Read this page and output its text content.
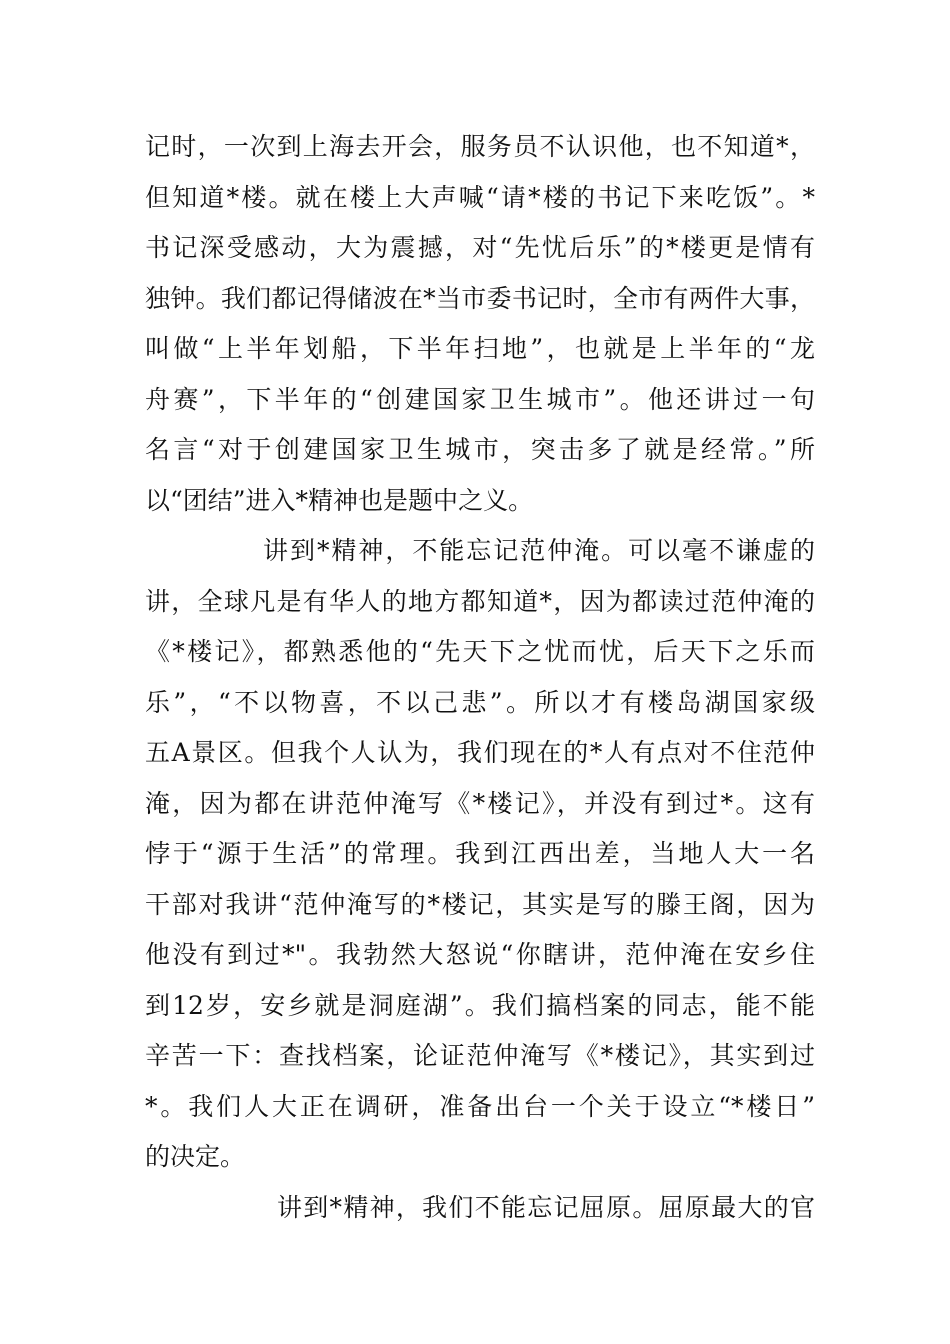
记时，一次到上海去开会，服务员不认识他，也不知道*，
但知道*楼。就在楼上大声喊“请*楼的书记下来吃饭”。*
书记深受感动，大为震撼，对“先忧后乐”的*楼更是情有
独钟。我们都记得储波在*当市委书记时，全市有两件大事，
叫做“上半年划船，下半年扫地”，也就是上半年的“龙
舟赛”，下半年的“创建国家卫生城市”。他还讲过一句
名言“对于创建国家卫生城市，突击多了就是经常。”所
以“团结”进入*精神也是题中之义。
讲到*精神，不能忘记范仲淹。可以毫不谦虚的
讲，全球凡是有华人的地方都知道*，因为都读过范仲淹的
《*楼记》，都熟悉他的“先天下之忧而忧，后天下之乐而
乐”，“不以物喜，不以己悲”。所以才有楼岛湖国家级
五A景区。但我个人认为，我们现在的*人有点对不住范仲
淹，因为都在讲范仲淹写《*楼记》，并没有到过*。这有
悖于“源于生活”的常理。我到江西出差，当地人大一名
干部对我讲“范仲淹写的*楼记，其实是写的滕王阁，因为
他没有到过*"。我勃然大怒说“你瞎讲，范仲淹在安乡住
到12岁，安乡就是洞庭湖”。我们搞档案的同志，能不能
辛苦一下：查找档案，论证范仲淹写《*楼记》，其实到过
*。我们人大正在调研，准备出台一个关于设立“*楼日”
的决定。
讲到*精神，我们不能忘记屈原。屈原最大的官
